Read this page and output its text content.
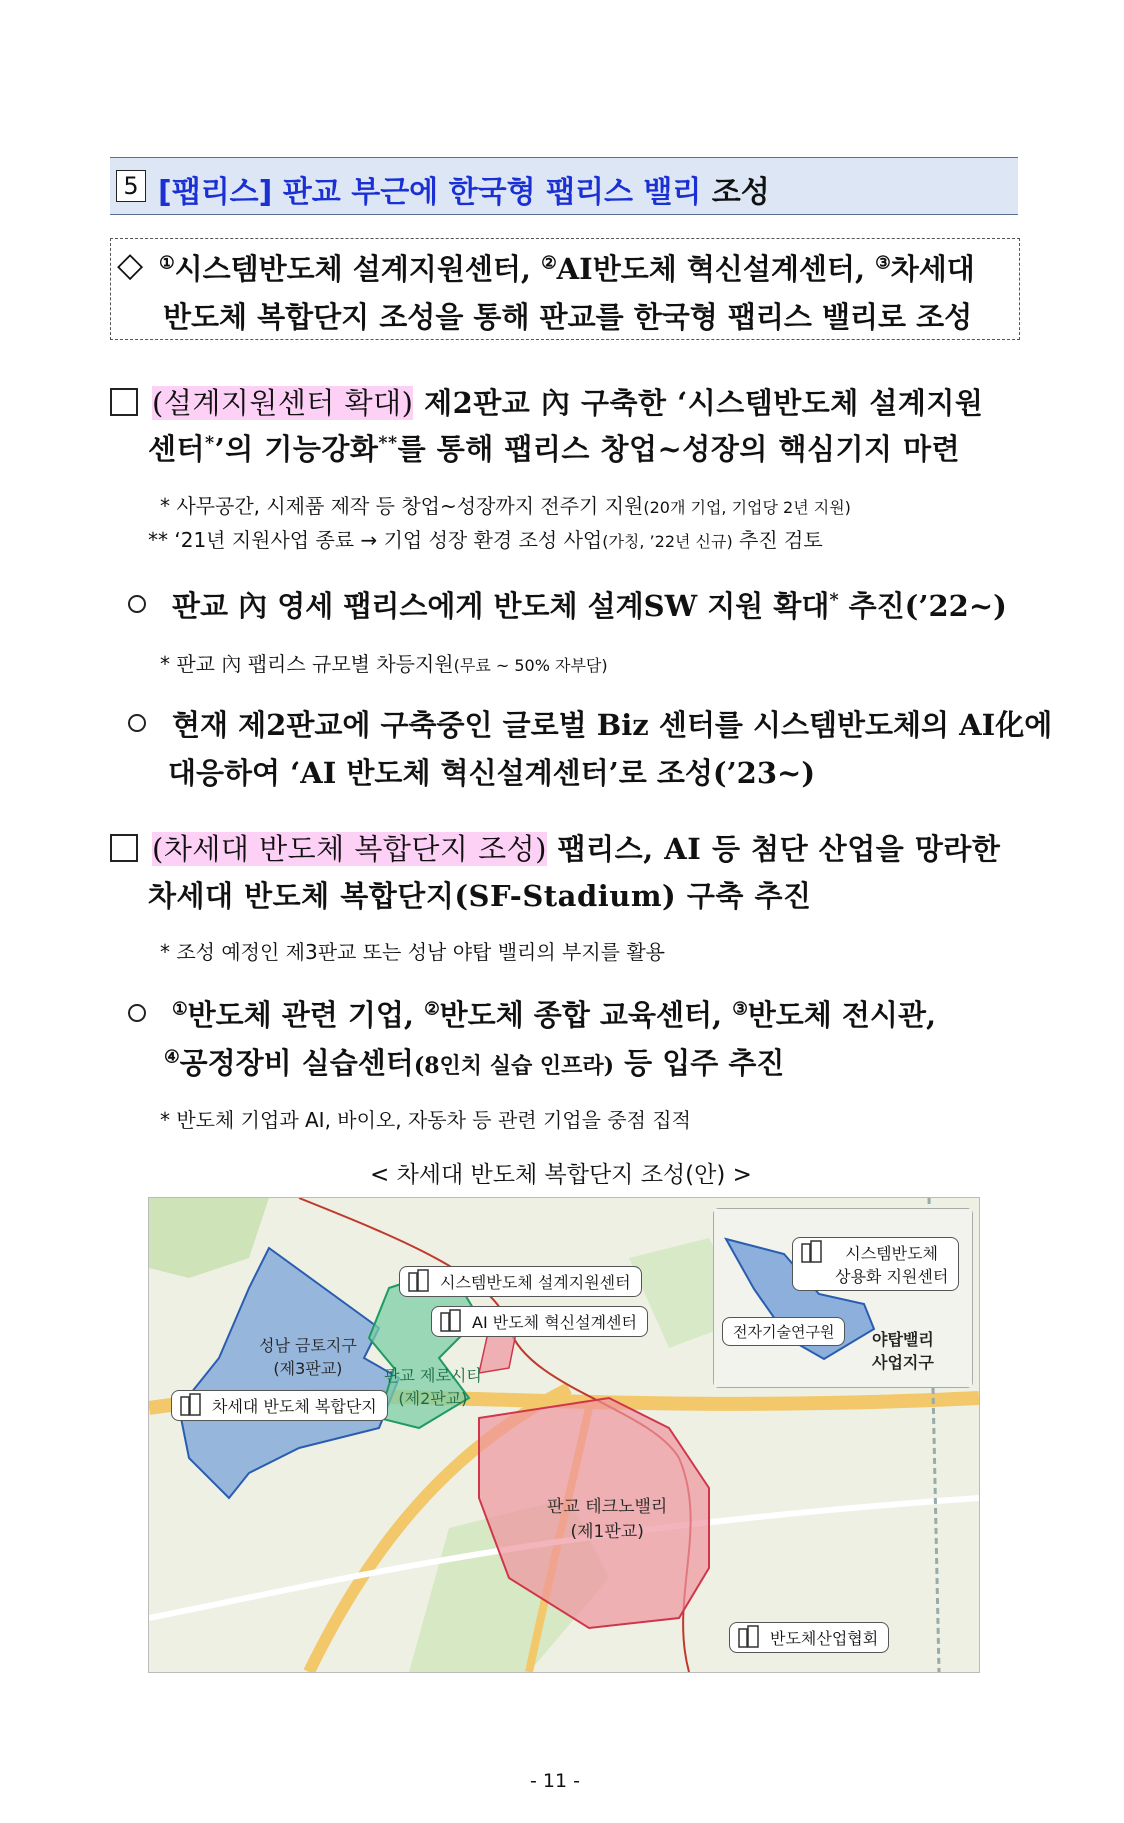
5 [팹리스] 판교 부근에 한국형 팹리스 밸리 조성
◇ ①시스템반도체 설계지원센터, ②AI반도체 혁신설계센터, ③차세대
반도체 복합단지 조성을 통해 판교를 한국형 팹리스 밸리로 조성
(설계지원센터 확대) 제2판교 內 구축한 ‘시스템반도체 설계지원
센터*’의 기능강화**를 통해 팹리스 창업~성장의 핵심기지 마련
* 사무공간, 시제품 제작 등 창업~성장까지 전주기 지원(20개 기업, 기업당 2년 지원)
** ‘21년 지원사업 종료 → 기업 성장 환경 조성 사업(가칭, ’22년 신규) 추진 검토
판교 內 영세 팹리스에게 반도체 설계SW 지원 확대* 추진(’22~)
* 판교 內 팹리스 규모별 차등지원(무료 ~ 50% 자부담)
현재 제2판교에 구축중인 글로벌 Biz 센터를 시스템반도체의 AI化에
대응하여 ‘AI 반도체 혁신설계센터’로 조성(’23~)
(차세대 반도체 복합단지 조성) 팹리스, AI 등 첨단 산업을 망라한
차세대 반도체 복합단지(SF-Stadium) 구축 추진
* 조성 예정인 제3판교 또는 성남 야탑 밸리의 부지를 활용
①반도체 관련 기업, ②반도체 종합 교육센터, ③반도체 전시관,
④공정장비 실습센터(8인치 실습 인프라) 등 입주 추진
* 반도체 기업과 AI, 바이오, 자동차 등 관련 기업을 중점 집적
< 차세대 반도체 복합단지 조성(안) >
시스템반도체
상용화 지원센터
전자기술연구원	야탑밸리
사업지구
시스템반도체 설계지원센터
AI 반도체 혁신설계센터
차세대 반도체 복합단지
반도체산업협회
성남 금토지구
(제3판교)	판교 제로시티
(제2판교)
판교 테크노밸리
(제1판교)
- 11 -
